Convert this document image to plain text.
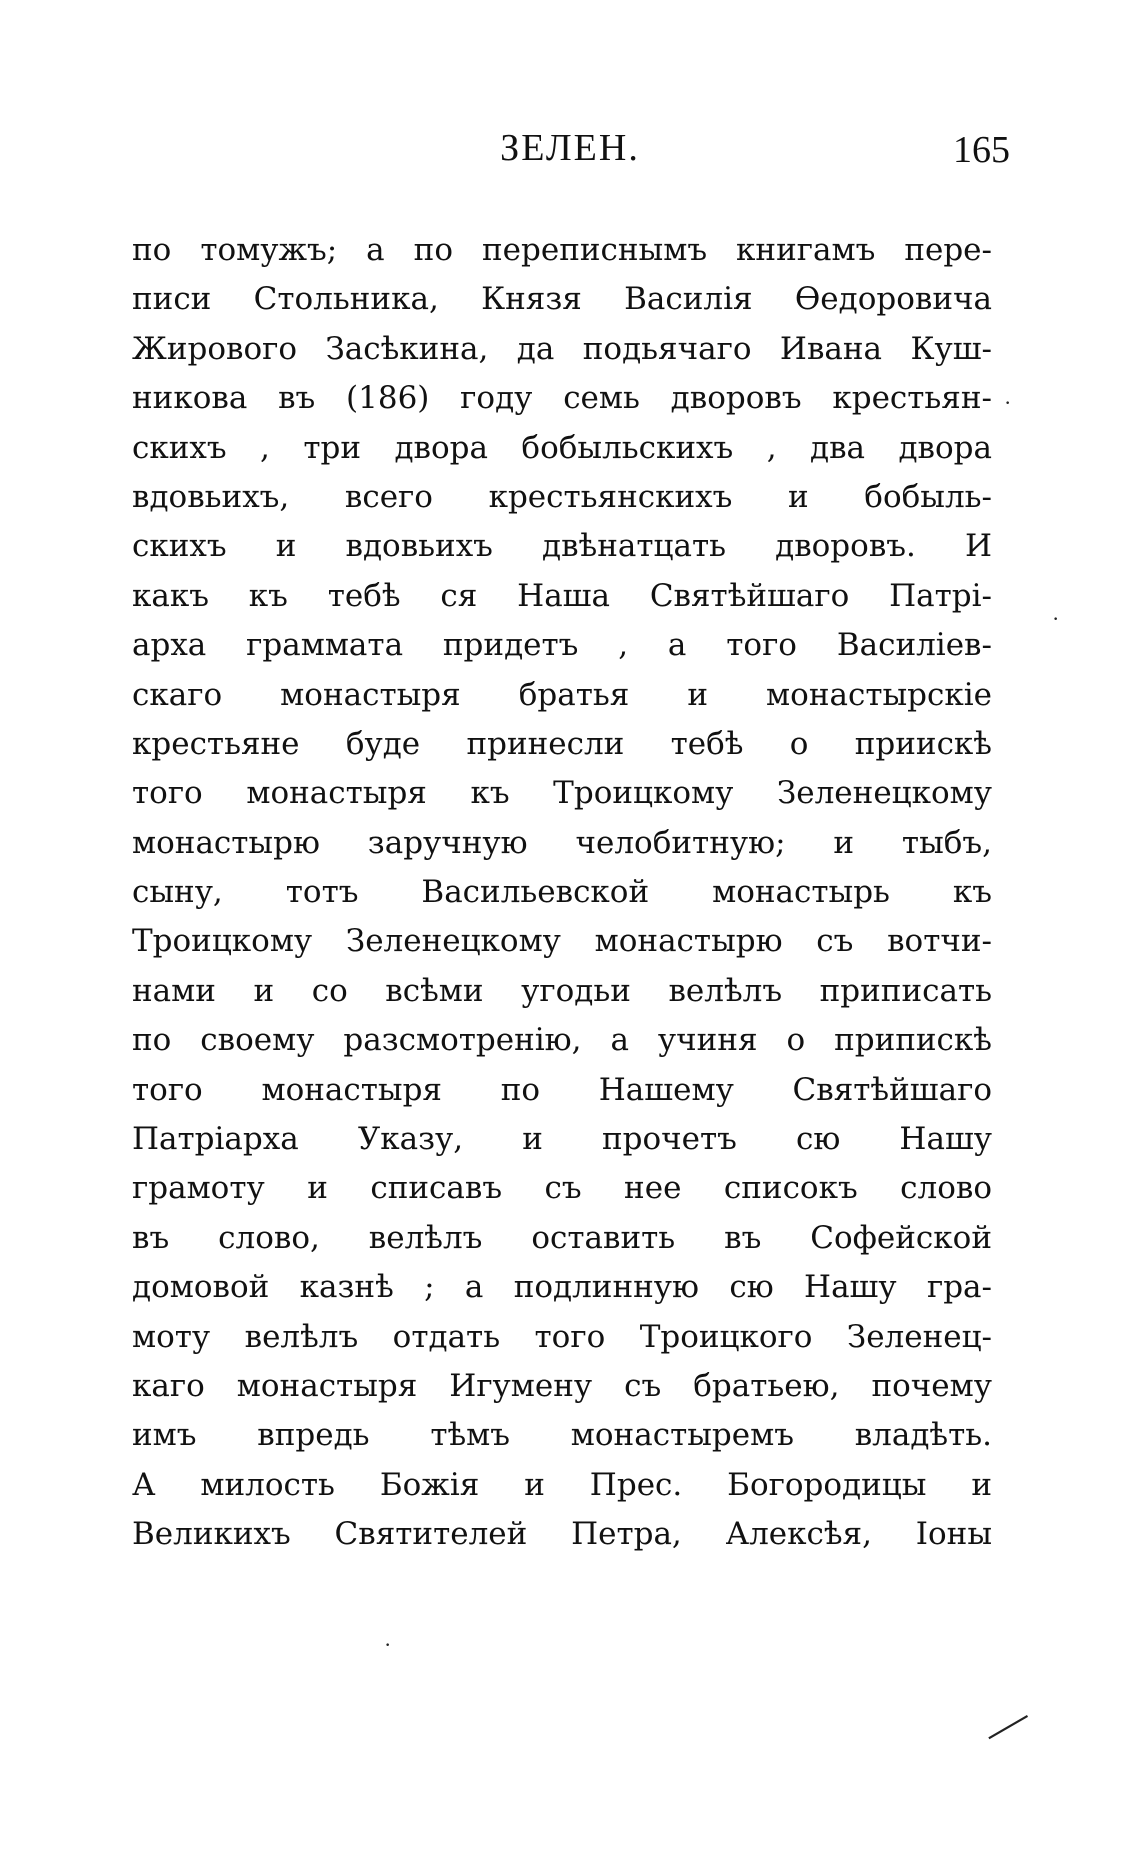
ЗЕЛЕН.	165
по томужъ; а по переписнымъ книгамъ пере-
писи Стольника, Князя Василія Өедоровича
Жирового Засѣкина, да подьячаго Ивана Куш-
никова въ (186) году семь дворовъ крестьян-
скихъ , три двора бобыльскихъ , два двора
вдовьихъ, всего крестьянскихъ и бобыль-
скихъ и вдовьихъ двѣнатцать дворовъ. И
какъ къ тебѣ ся Наша Святѣйшаго Патрі-
арха граммата придетъ , а того Василіев-
скаго монастыря братья и монастырскіе
крестьяне буде принесли тебѣ о приискѣ
того монастыря къ Троицкому Зеленецкому
монастырю заручную челобитную; и тыбъ,
сыну, тотъ Васильевской монастырь къ
Троицкому Зеленецкому монастырю съ вотчи-
нами и со всѣми угодьи велѣлъ приписать
по своему разсмотренію, а учиня о припискѣ
того монастыря по Нашему Святѣйшаго
Патріарха Указу, и прочетъ сю Нашу
грамоту и списавъ съ нее списокъ слово
въ слово, велѣлъ оставить въ Софейской
домовой казнѣ ; а подлинную сю Нашу гра-
моту велѣлъ отдать того Троицкого Зеленец-
каго монастыря Игумену съ братьею, почему
имъ впредь тѣмъ монастыремъ владѣть.
А милость Божія и Прес. Богородицы и
Великихъ Святителей Петра, Алексѣя, Іоны
·
·
·
―
